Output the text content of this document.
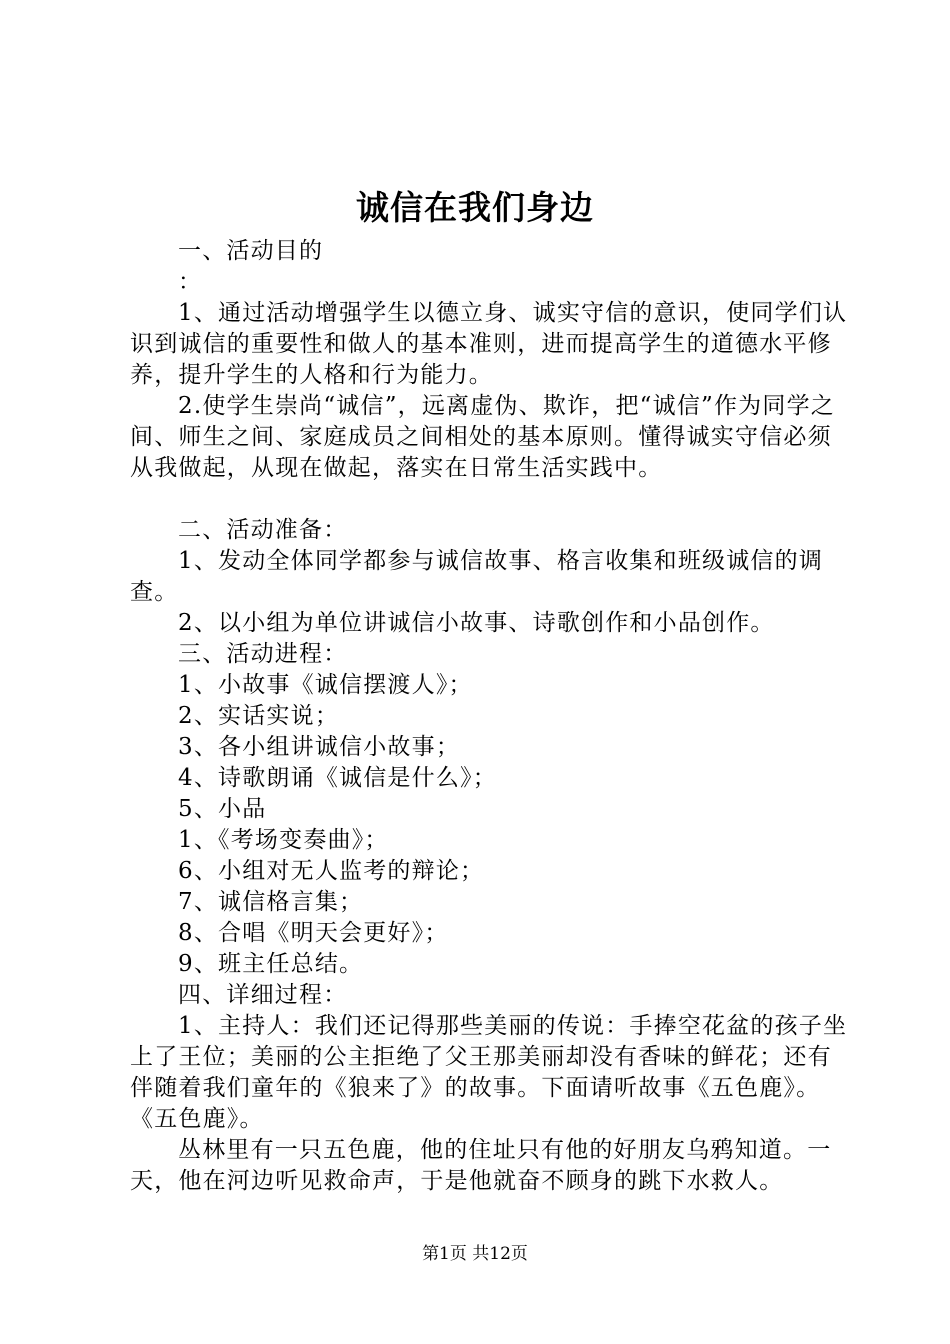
诚信在我们身边

一、活动目的

：

1、通过活动增强学生以德立身、诚实守信的意识，使同学们认识到诚信的重要性和做人的基本准则，进而提高学生的道德水平修养，提升学生的人格和行为能力。

2.使学生崇尚“诚信”，远离虚伪、欺诈，把“诚信”作为同学之间、师生之间、家庭成员之间相处的基本原则。懂得诚实守信必须从我做起，从现在做起，落实在日常生活实践中。

二、活动准备：

1、发动全体同学都参与诚信故事、格言收集和班级诚信的调查。

2、以小组为单位讲诚信小故事、诗歌创作和小品创作。

三、活动进程：

1、小故事《诚信摆渡人》；

2、实话实说；

3、各小组讲诚信小故事；

4、诗歌朗诵《诚信是什么》；

5、小品

1、《考场变奏曲》；

6、小组对无人监考的辩论；

7、诚信格言集；

8、合唱《明天会更好》；

9、班主任总结。

四、详细过程：

1、主持人：我们还记得那些美丽的传说：手捧空花盆的孩子坐上了王位；美丽的公主拒绝了父王那美丽却没有香味的鲜花；还有伴随着我们童年的《狼来了》的故事。下面请听故事《五色鹿》。《五色鹿》。

丛林里有一只五色鹿，他的住址只有他的好朋友乌鸦知道。一天，他在河边听见救命声，于是他就奋不顾身的跳下水救人。

第1页 共12页
